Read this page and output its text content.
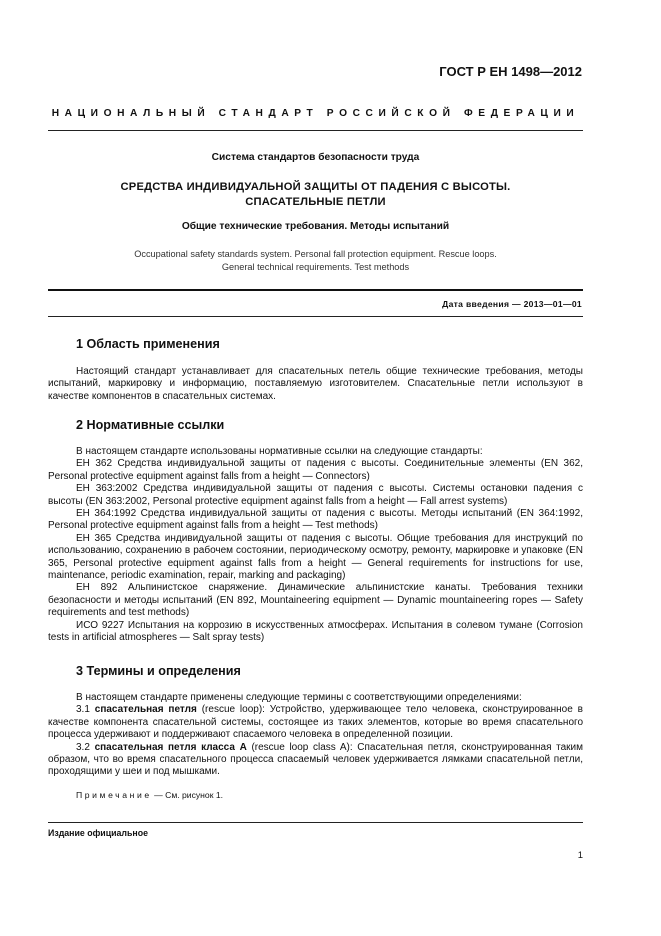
ГОСТ Р ЕН 1498—2012
НАЦИОНАЛЬНЫЙ СТАНДАРТ РОССИЙСКОЙ ФЕДЕРАЦИИ
Система стандартов безопасности труда
СРЕДСТВА ИНДИВИДУАЛЬНОЙ ЗАЩИТЫ ОТ ПАДЕНИЯ С ВЫСОТЫ.
СПАСАТЕЛЬНЫЕ ПЕТЛИ
Общие технические требования. Методы испытаний
Occupational safety standards system. Personal fall protection equipment. Rescue loops.
General technical requirements. Test methods
Дата введения — 2013—01—01
1 Область применения

Настоящий стандарт устанавливает для спасательных петель общие технические требования, методы испытаний, маркировку и информацию, поставляемую изготовителем. Спасательные петли используют в качестве компонентов в спасательных системах.

2 Нормативные ссылки

В настоящем стандарте использованы нормативные ссылки на следующие стандарты:

ЕН 362 Средства индивидуальной защиты от падения с высоты. Соединительные элементы (EN 362, Personal protective equipment against falls from a height — Connectors)

ЕН 363:2002 Средства индивидуальной защиты от падения с высоты. Системы остановки падения с высоты (EN 363:2002, Personal protective equipment against falls from a height — Fall arrest systems)

ЕН 364:1992 Средства индивидуальной защиты от падения с высоты. Методы испытаний (EN 364:1992, Personal protective equipment against falls from a height — Test methods)

ЕН 365 Средства индивидуальной защиты от падения с высоты. Общие требования для инструкций по использованию, сохранению в рабочем состоянии, периодическому осмотру, ремонту, маркировке и упаковке (EN 365, Personal protective equipment against falls from a height — General requirements for instructions for use, maintenance, periodic examination, repair, marking and packaging)

ЕН 892 Альпинистское снаряжение. Динамические альпинистские канаты. Требования техники безопасности и методы испытаний (EN 892, Mountaineering equipment — Dynamic mountaineering ropes — Safety requirements and test methods)

ИСО 9227 Испытания на коррозию в искусственных атмосферах. Испытания в солевом тумане (Corrosion tests in artificial atmospheres — Salt spray tests)

3 Термины и определения

В настоящем стандарте применены следующие термины с соответствующими определениями:

3.1 спасательная петля (rescue loop): Устройство, удерживающее тело человека, сконструированное в качестве компонента спасательной системы, состоящее из таких элементов, которые во время спасательного процесса удерживают и поддерживают спасаемого человека в определенной позиции.

3.2 спасательная петля класса А (rescue loop class A): Спасательная петля, сконструированная таким образом, что во время спасательного процесса спасаемый человек удерживается лямками спасательной петли, проходящими у шеи и под мышками.

Примечание — См. рисунок 1.
Издание официальное
1
